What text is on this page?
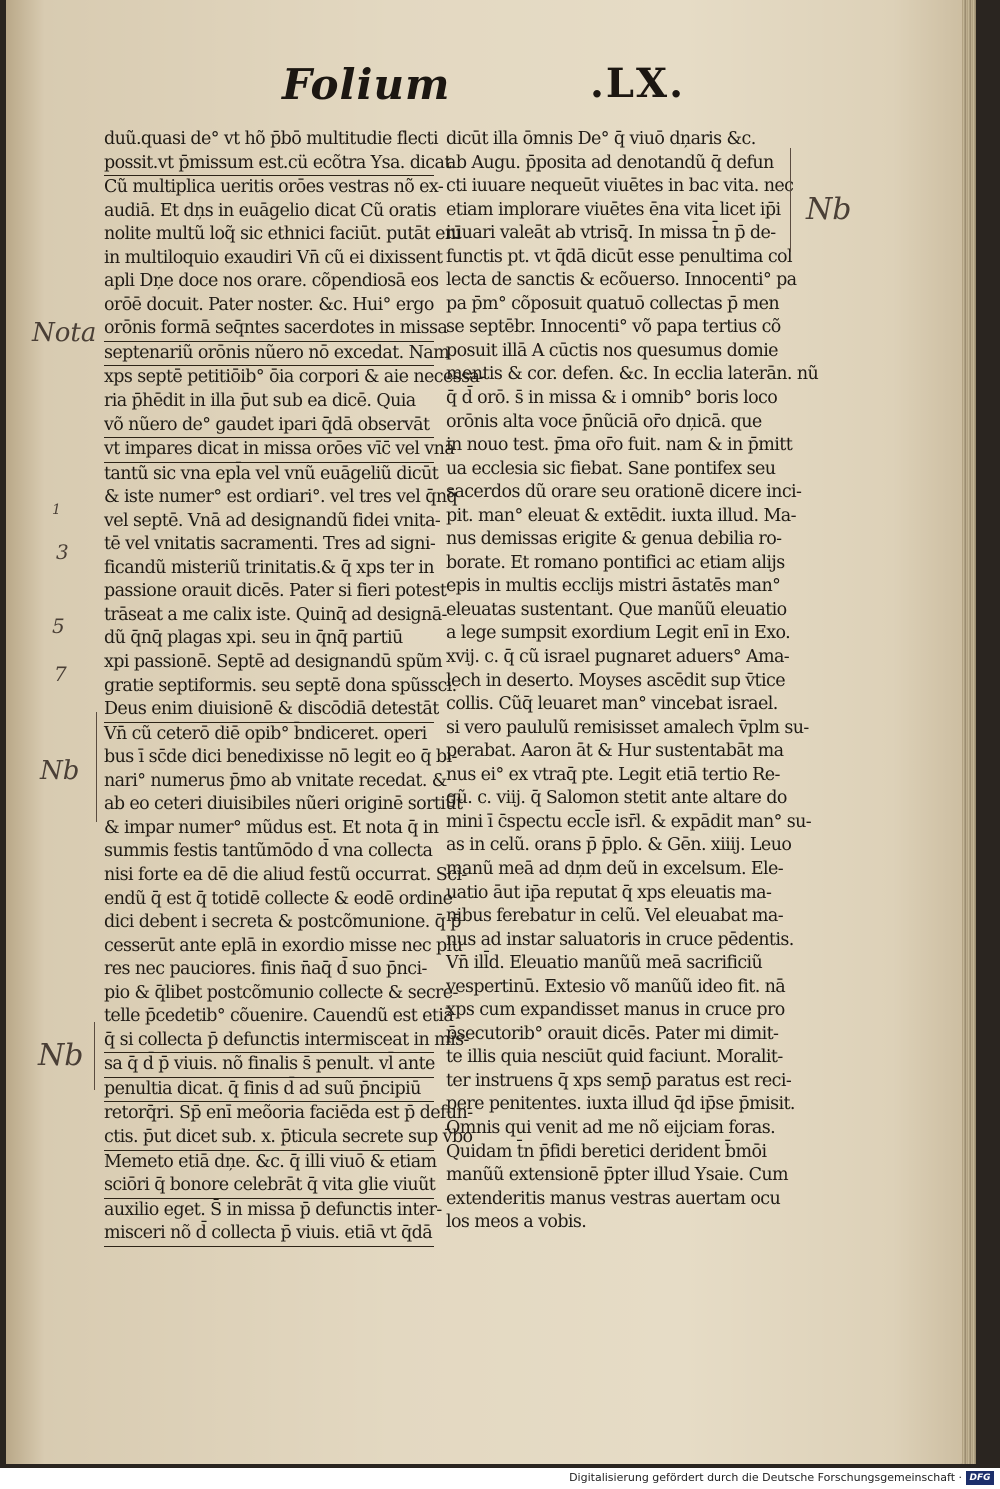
Folium	.LX.
duũ.quasi de° vt hõ p̄bō multitudie flecti
possit.vt p̄missum est.cü ecõtra Ysa. dicat.
Cũ multiplica ueritis orōes vestras nõ ex-
audiā. Et dņs in euāgelio dicat Cũ oratis
nolite multũ loq̃ sic ethnici faciūt. putāt enī
in multiloquio exaudiri Vn̄ cũ ei dixissent
apli Dņe doce nos orare. cõpendiosā eos
orōē docuit. Pater noster. &c. Hui° ergo
orōnis formā seq̄ntes sacerdotes in missa
septenariũ orōnis nũero nō excedat. Nam
xps septē petitiōib° ōia corpori & aie necessa-
ria p̄hēdit in illa p̄ut sub ea dicē. Quia
võ nũero de° gaudet ipari q̄̄dā observāt
vt impares dicat in missa orōes vīc̄ vel vnā
tantũ sic vna epl̄a vel vnũ euāgeliũ dicūt
& iste numer° est ordiari°. vel tres vel q̄nq̄
vel septē. Vnā ad designandũ fidei vnita-
tē vel vnitatis sacramenti. Tres ad signi-
ficandũ misteriũ trinitatis.& q̄ xps ter in
passione orauit dicēs. Pater si fieri potest
trāseat a me calix iste. Quinq̄ ad designā-
dũ q̄nq̄ plagas xpi. seu in q̄nq̄ partiū
xpi passionē. Septē ad designandū spũm
gratie septiformis. seu septē dona spũssci.
Deus enim diuisionē & discōdiā detestāt
Vn̄ cũ ceterō diē opib° b̄ndiceret. operi
bus ī sc̄de dici benedixisse nō legit eo q̄ bi-
nari° numerus p̄mo ab vnitate recedat. &
ab eo ceteri diuisibiles nũeri originē sortiūt
& impar numer° mũdus est. Et nota q̄ in
summis festis tantũmōdo d̄ vna collecta
nisi forte ea dē die aliud festũ occurrat. Sci-
endũ q̄ est q̄ totidē collecte & eodē ordine
dici debent i secreta & postcõmunione. q̄ p̄
cesserūt ante eplā in exordio misse nec plu
res nec pauciores. finis n̄aq̄ d̄ suo p̄nci-
pio & q̄libet postcõmunio collecte & secre-
telle p̄cedetib° cõuenire. Cauendũ est etiā
q̄ si collecta p̄ defunctis intermisceat in mis-
sa q̄ d̄ p̄ viuis. nõ finalis s̄ penult. vl̄ ante
penultia dicat. q̄ finis d̄ ad suũ p̄ncipiū
retorq̄ri. Sp̄ enī meõoria faciēda est p̄ defun-
ctis. p̄ut dicet sub. x. p̄ticula secrete sup v̄bo
Memeto etiā dņe. &c. q̄ illi viuō & etiam
sciōri q̄ bonore celebrāt q̄ vita glie viuũt
auxilio eget. S̄ in missa p̄ defunctis inter-
misceri nõ d̄ collecta p̄ viuis. etiā vt q̄dā
dicūt illa ōmnis De° q̄ viuō dņaris &c.
ab Augu. p̄posita ad denotandũ q̄ defun
cti iuuare nequeūt viuētes in bac vita. nec
etiam implorare viuētes ēna vita licet ip̄i
iuuari valeāt ab vtrisq̄. In missa t̄n p̄ de-
functis pt. vt q̄dā dicūt esse penultima col
lecta de sanctis & ecõuerso. Innocenti° pa
pa p̄m° cõposuit quatuō collectas p̄ men
se septēbr. Innocenti° võ papa tertius cõ
posuit illā A cūctis nos quesumus domie
mentis & cor. defen. &c. In ecclia laterān. nũ
q̄ d̄ orō. s̄ in missa & i omnib° boris loco
orōnis alta voce p̄nũciā or̄o dņicā. que
in nouo test. p̄ma or̄o fuit. nam & in p̄mitt
ua ecclesia sic fiebat. Sane pontifex seu
sacerdos dũ orare seu orationē dicere inci-
pit. man° eleuat & extēdit. iuxta illud. Ma-
nus demissas erigite & genua debilia ro-
borate. Et romano pontifici ac etiam alijs
epis in multis ecclijs mistri āstatēs man°
eleuatas sustentant. Que manũũ eleuatio
a lege sumpsit exordium Legit enī in Exo.
xvij. c. q̄ cũ israel pugnaret aduers° Ama-
lech in deserto. Moyses ascēdit sup v̄tice
collis. Cũq̄ leuaret man° vincebat israel.
si vero paululũ remisisset amalech v̄plm su-
perabat. Aaron āt & Hur sustentabāt ma
nus ei° ex vtraq̄ pte. Legit etiā tertio Re-
gũ. c. viij. q̄ Salomon stetit ante altare do
mini ī c̄spectu eccl̄e isr̄l. & expādit man° su-
as in celũ. orans p̄ p̄plo. & Gēn. xiiij. Leuo
manũ meā ad dņm deũ in excelsum. Ele-
uatio āut ip̄a reputat q̄ xps eleuatis ma-
nibus ferebatur in celũ. Vel eleuabat ma-
nus ad instar saluatoris in cruce pēdentis.
Vn̄ ill̄d. Eleuatio manũũ meā sacrificiũ
vespertinū. Extesio võ manũũ ideo fit. nā
xps cum expandisset manus in cruce pro
p̄secutorib° orauit dicēs. Pater mi dimit-
te illis quia nesciūt quid faciunt. Moralit-
ter instruens q̄ xps semp̄ paratus est reci-
pere penitentes. iuxta illud q̄d ip̄se p̄misit.
Omnis qui venit ad me nõ eijciam foras.
Quidam t̄n p̄fidi beretici derident b̄mōi
manũũ extensionē p̄pter illud Ysaie. Cum
extenderitis manus vestras auertam ocu
los meos a vobis.
Nota
1
3
5
7
Nb
Nb
Nb
Digitalisierung gefördert durch die Deutsche Forschungsgemeinschaft · DFG
